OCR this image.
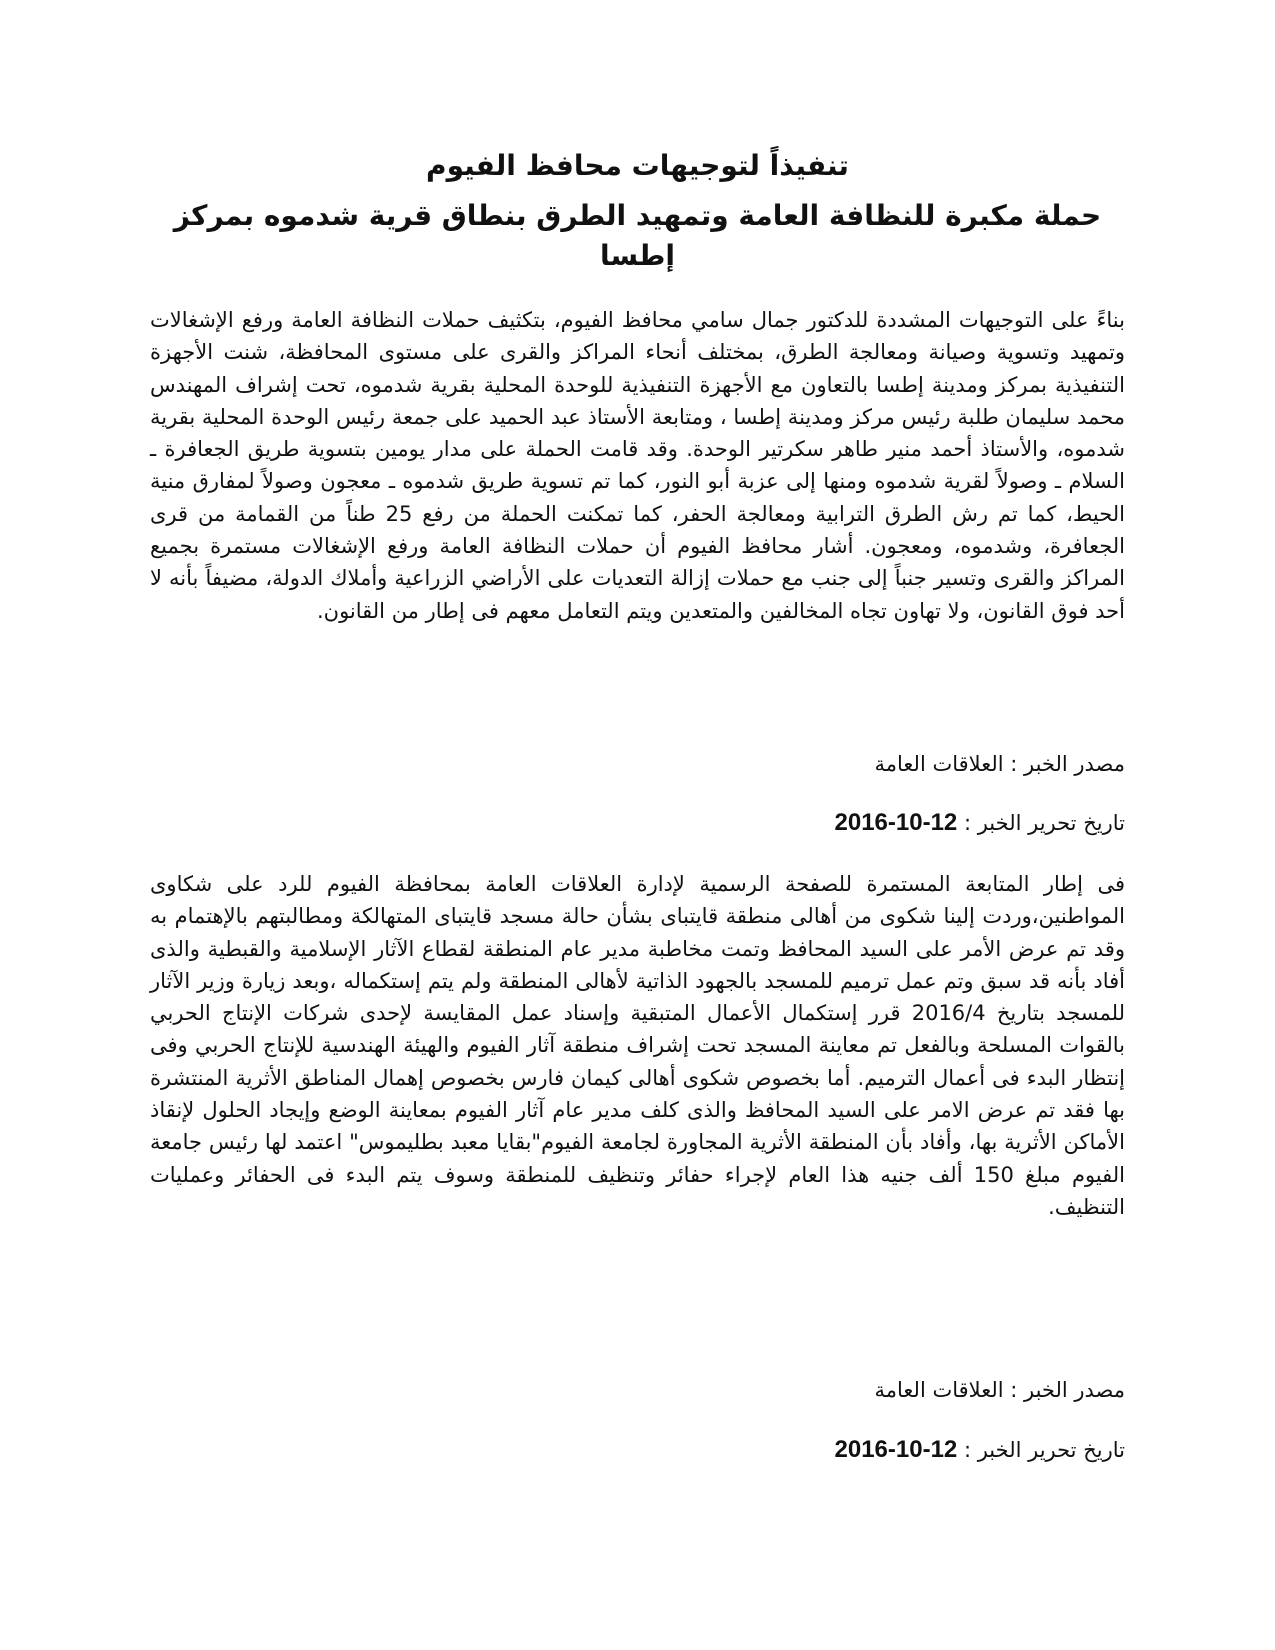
تنفيذاً لتوجيهات محافظ الفيوم
حملة مكبرة للنظافة العامة وتمهيد الطرق بنطاق قرية شدموه بمركز إطسا

بناءً على التوجيهات المشددة للدكتور جمال سامي محافظ الفيوم، بتكثيف حملات النظافة العامة ورفع الإشغالات وتمهيد وتسوية وصيانة ومعالجة الطرق، بمختلف أنحاء المراكز والقرى على مستوى المحافظة، شنت الأجهزة التنفيذية بمركز ومدينة إطسا بالتعاون مع الأجهزة التنفيذية للوحدة المحلية بقرية شدموه، تحت إشراف المهندس محمد سليمان طلبة رئيس مركز ومدينة إطسا ، ومتابعة الأستاذ عبد الحميد على جمعة رئيس الوحدة المحلية بقرية شدموه، والأستاذ أحمد منير طاهر سكرتير الوحدة. وقد قامت الحملة على مدار يومين بتسوية طريق الجعافرة ـ السلام ـ وصولاً لقرية شدموه ومنها إلى عزبة أبو النور، كما تم تسوية طريق شدموه ـ معجون وصولاً لمفارق منية الحيط، كما تم رش الطرق الترابية ومعالجة الحفر، كما تمكنت الحملة من رفع 25 طناً من القمامة من قرى الجعافرة، وشدموه، ومعجون. أشار محافظ الفيوم أن حملات النظافة العامة ورفع الإشغالات مستمرة بجميع المراكز والقرى وتسير جنباً إلى جنب مع حملات إزالة التعديات على الأراضي الزراعية وأملاك الدولة، مضيفاً بأنه لا أحد فوق القانون، ولا تهاون تجاه المخالفين والمتعدين ويتم التعامل معهم فى إطار من القانون.

مصدر الخبر : العلاقات العامة

تاريخ تحرير الخبر : 2016-10-12

فى إطار المتابعة المستمرة للصفحة الرسمية لإدارة العلاقات العامة بمحافظة الفيوم للرد على شكاوى المواطنين،وردت إلينا شكوى من أهالى منطقة قايتباى بشأن حالة مسجد قايتباى المتهالكة ومطالبتهم بالإهتمام به وقد تم عرض الأمر على السيد المحافظ وتمت مخاطبة مدير عام المنطقة لقطاع الآثار الإسلامية والقبطية والذى أفاد بأنه قد سبق وتم عمل ترميم للمسجد بالجهود الذاتية لأهالى المنطقة ولم يتم إستكماله ،وبعد زيارة وزير الآثار للمسجد بتاريخ 2016/4 قرر إستكمال الأعمال المتبقية وإسناد عمل المقايسة لإحدى شركات الإنتاج الحربي بالقوات المسلحة وبالفعل تم معاينة المسجد تحت إشراف منطقة آثار الفيوم والهيئة الهندسية للإنتاج الحربي وفى إنتظار البدء فى أعمال الترميم. أما بخصوص شكوى أهالى كيمان فارس بخصوص إهمال المناطق الأثرية المنتشرة بها فقد تم عرض الامر على السيد المحافظ والذى كلف مدير عام آثار الفيوم بمعاينة الوضع وإيجاد الحلول لإنقاذ الأماكن الأثرية بها، وأفاد بأن المنطقة الأثرية المجاورة لجامعة الفيوم"بقايا معبد بطليموس" اعتمد لها رئيس جامعة الفيوم مبلغ 150 ألف جنيه هذا العام لإجراء حفائر وتنظيف للمنطقة وسوف يتم البدء فى الحفائر وعمليات التنظيف.

مصدر الخبر : العلاقات العامة

تاريخ تحرير الخبر : 2016-10-12
